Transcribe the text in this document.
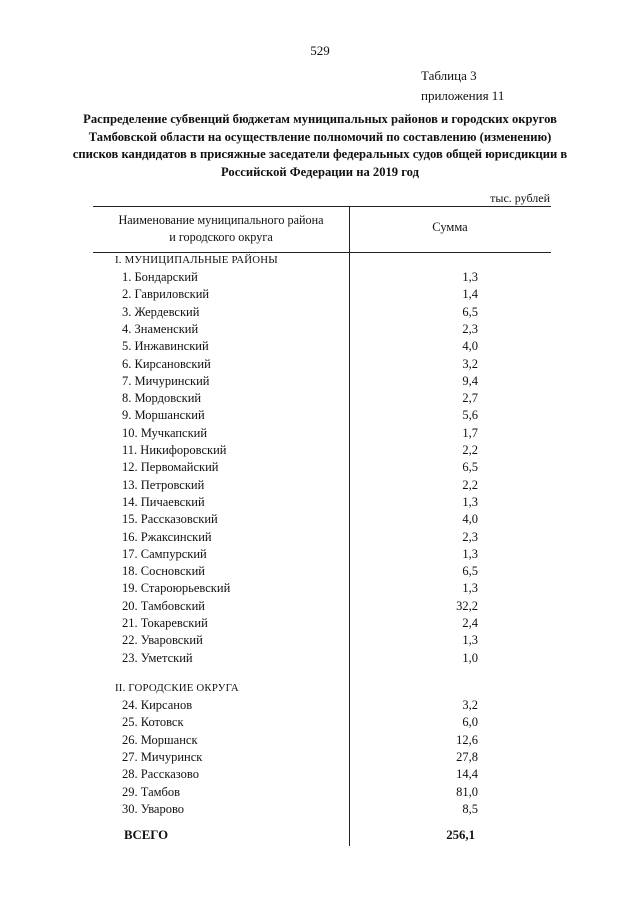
529
Таблица 3
приложения 11
Распределение субвенций бюджетам муниципальных районов и городских округов Тамбовской области на осуществление полномочий по составлению (изменению) списков кандидатов в присяжные заседатели федеральных судов общей юрисдикции в Российской Федерации на 2019 год
тыс. рублей
Наименование муниципального района
и городского округа
Сумма
I. МУНИЦИПАЛЬНЫЕ РАЙОНЫ
1. Бондарский	1,3
2. Гавриловский	1,4
3. Жердевский	6,5
4. Знаменский	2,3
5. Инжавинский	4,0
6. Кирсановский	3,2
7. Мичуринский	9,4
8. Мордовский	2,7
9. Моршанский	5,6
10. Мучкапский	1,7
11. Никифоровский	2,2
12. Первомайский	6,5
13. Петровский	2,2
14. Пичаевский	1,3
15. Рассказовский	4,0
16. Ржаксинский	2,3
17. Сампурский	1,3
18. Сосновский	6,5
19. Староюрьевский	1,3
20. Тамбовский	32,2
21. Токаревский	2,4
22. Уваровский	1,3
23. Уметский	1,0
II. ГОРОДСКИЕ ОКРУГА
24. Кирсанов	3,2
25. Котовск	6,0
26. Моршанск	12,6
27. Мичуринск	27,8
28. Рассказово	14,4
29. Тамбов	81,0
30. Уварово	8,5
ВСЕГО	256,1
